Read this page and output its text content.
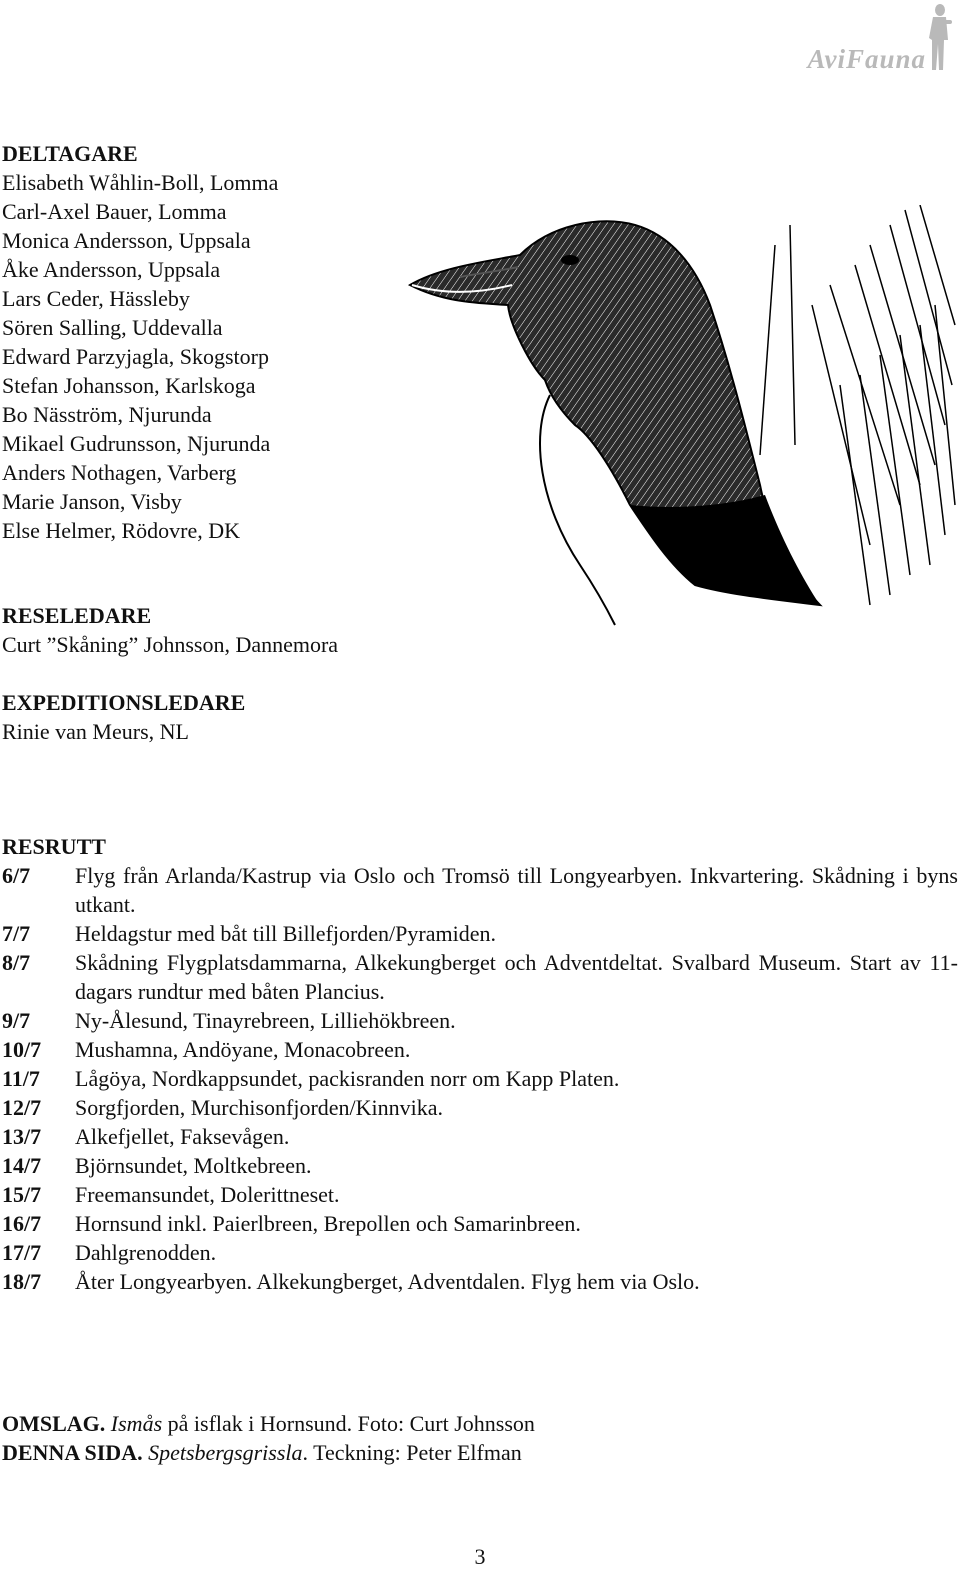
AviFauna
DELTAGARE
Elisabeth Wåhlin-Boll, Lomma
Carl-Axel Bauer, Lomma
Monica Andersson, Uppsala
Åke Andersson, Uppsala
Lars Ceder, Hässleby
Sören Salling, Uddevalla
Edward Parzyjagla, Skogstorp
Stefan Johansson, Karlskoga
Bo Näsström, Njurunda
Mikael Gudrunsson, Njurunda
Anders Nothagen, Varberg
Marie Janson, Visby
Else Helmer, Rödovre, DK
RESELEDARE
Curt ”Skåning” Johnsson, Dannemora
EXPEDITIONSLEDARE
Rinie van Meurs, NL
RESRUTT
6/7	Flyg från Arlanda/Kastrup via Oslo och Tromsö till Longyearbyen. Inkvartering. Skådning i byns utkant.
7/7	Heldagstur med båt till Billefjorden/Pyramiden.
8/7	Skådning Flygplatsdammarna, Alkekungberget och Adventdeltat. Svalbard Museum. Start av 11-dagars rundtur med båten Plancius.
9/7	Ny-Ålesund, Tinayrebreen, Lilliehökbreen.
10/7	Mushamna, Andöyane, Monacobreen.
11/7	Lågöya, Nordkappsundet, packisranden norr om Kapp Platen.
12/7	Sorgfjorden, Murchisonfjorden/Kinnvika.
13/7	Alkefjellet, Faksevågen.
14/7	Björnsundet, Moltkebreen.
15/7	Freemansundet, Dolerittneset.
16/7	Hornsund inkl. Paierlbreen, Brepollen och Samarinbreen.
17/7	Dahlgrenodden.
18/7	Åter Longyearbyen. Alkekungberget, Adventdalen. Flyg hem via Oslo.
OMSLAG. Ismås på isflak i Hornsund. Foto: Curt Johnsson
DENNA SIDA. Spetsbergsgrissla. Teckning: Peter Elfman
3
